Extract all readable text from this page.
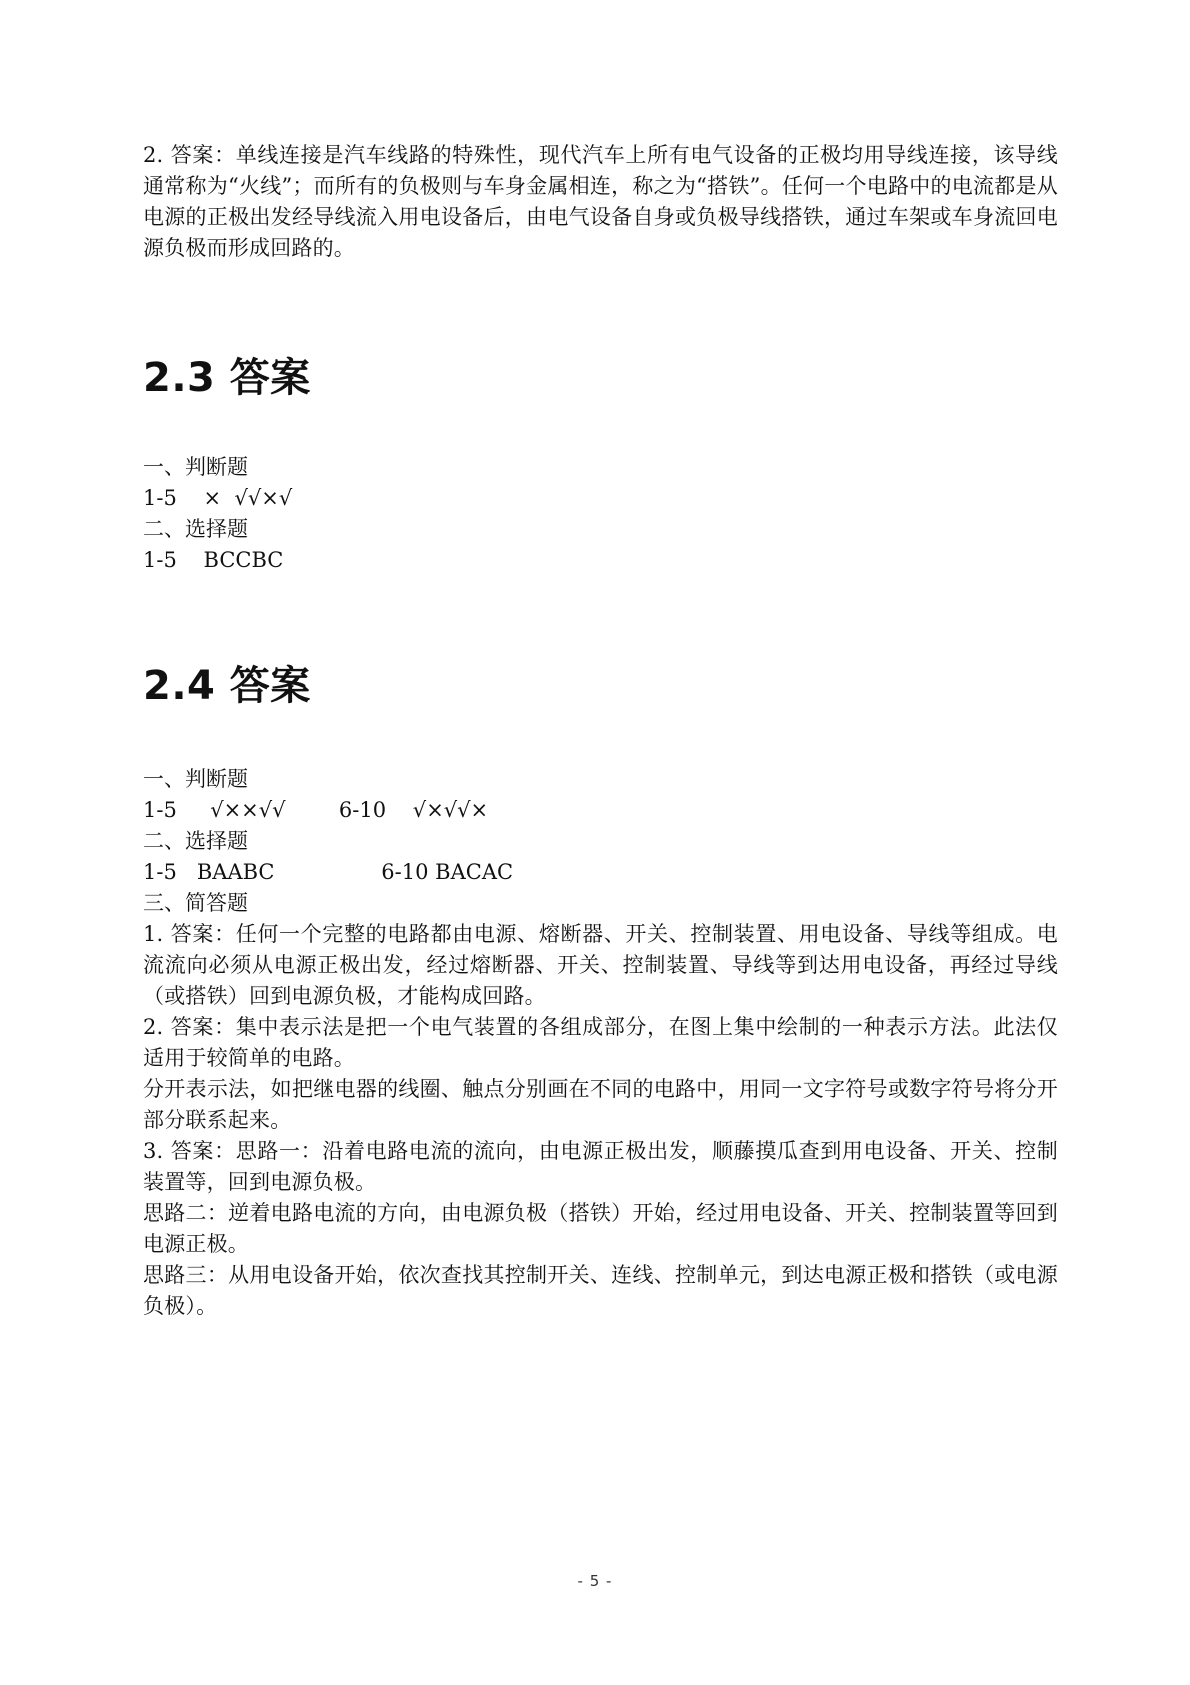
2. 答案：单线连接是汽车线路的特殊性，现代汽车上所有电气设备的正极均用导线连接，该导线通常称为“火线”；而所有的负极则与车身金属相连，称之为“搭铁”。任何一个电路中的电流都是从电源的正极出发经导线流入用电设备后，由电气设备自身或负极导线搭铁，通过车架或车身流回电源负极而形成回路的。

2.3 答案

一、判断题

1-5    ×  √√×√

二、选择题

1-5    BCCBC

2.4 答案

一、判断题

1-5     √××√√        6-10    √×√√×

二、选择题

1-5   BAABC                6-10 BACAC

三、简答题

1. 答案：任何一个完整的电路都由电源、熔断器、开关、控制装置、用电设备、导线等组成。电流流向必须从电源正极出发，经过熔断器、开关、控制装置、导线等到达用电设备，再经过导线（或搭铁）回到电源负极，才能构成回路。

2. 答案：集中表示法是把一个电气装置的各组成部分，在图上集中绘制的一种表示方法。此法仅适用于较简单的电路。

分开表示法，如把继电器的线圈、触点分别画在不同的电路中，用同一文字符号或数字符号将分开部分联系起来。

3. 答案：思路一：沿着电路电流的流向，由电源正极出发，顺藤摸瓜查到用电设备、开关、控制装置等，回到电源负极。

思路二：逆着电路电流的方向，由电源负极（搭铁）开始，经过用电设备、开关、控制装置等回到电源正极。

思路三：从用电设备开始，依次查找其控制开关、连线、控制单元，到达电源正极和搭铁（或电源负极）。

- 5 -
